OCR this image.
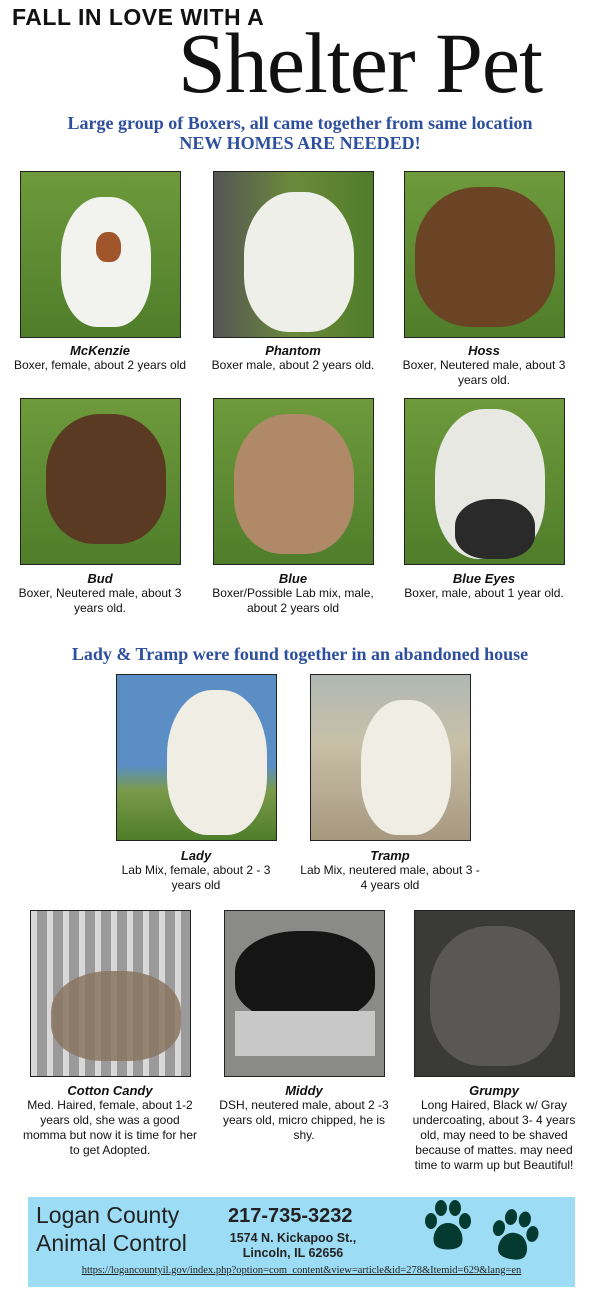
FALL IN LOVE WITH A
Shelter Pet
Large group of Boxers, all came together from same location
NEW HOMES ARE NEEDED!
McKenzie
Boxer, female, about 2 years old
Phantom
Boxer male, about 2 years old.
Hoss
Boxer, Neutered male, about 3 years old.
Bud
Boxer, Neutered male, about 3 years old.
Blue
Boxer/Possible Lab mix, male, about 2 years old
Blue Eyes
Boxer, male, about 1 year old.
Lady & Tramp were found together in an abandoned house
Lady
Lab Mix, female, about 2 - 3 years old
Tramp
Lab Mix, neutered male, about 3 - 4 years old
Cotton Candy
Med. Haired, female, about 1-2 years old, she was a good momma but now it is time for her to get Adopted.
Middy
DSH, neutered male, about 2 -3 years old, micro chipped, he is shy.
Grumpy
Long Haired, Black w/ Gray undercoating, about 3- 4 years old, may need to be shaved because of mattes. may need time to warm up but Beautiful!
Logan County
Animal Control
217-735-3232
1574 N. Kickapoo St.,
Lincoln, IL 62656
https://logancountyil.gov/index.php?option=com_content&view=article&id=278&Itemid=629&lang=en
